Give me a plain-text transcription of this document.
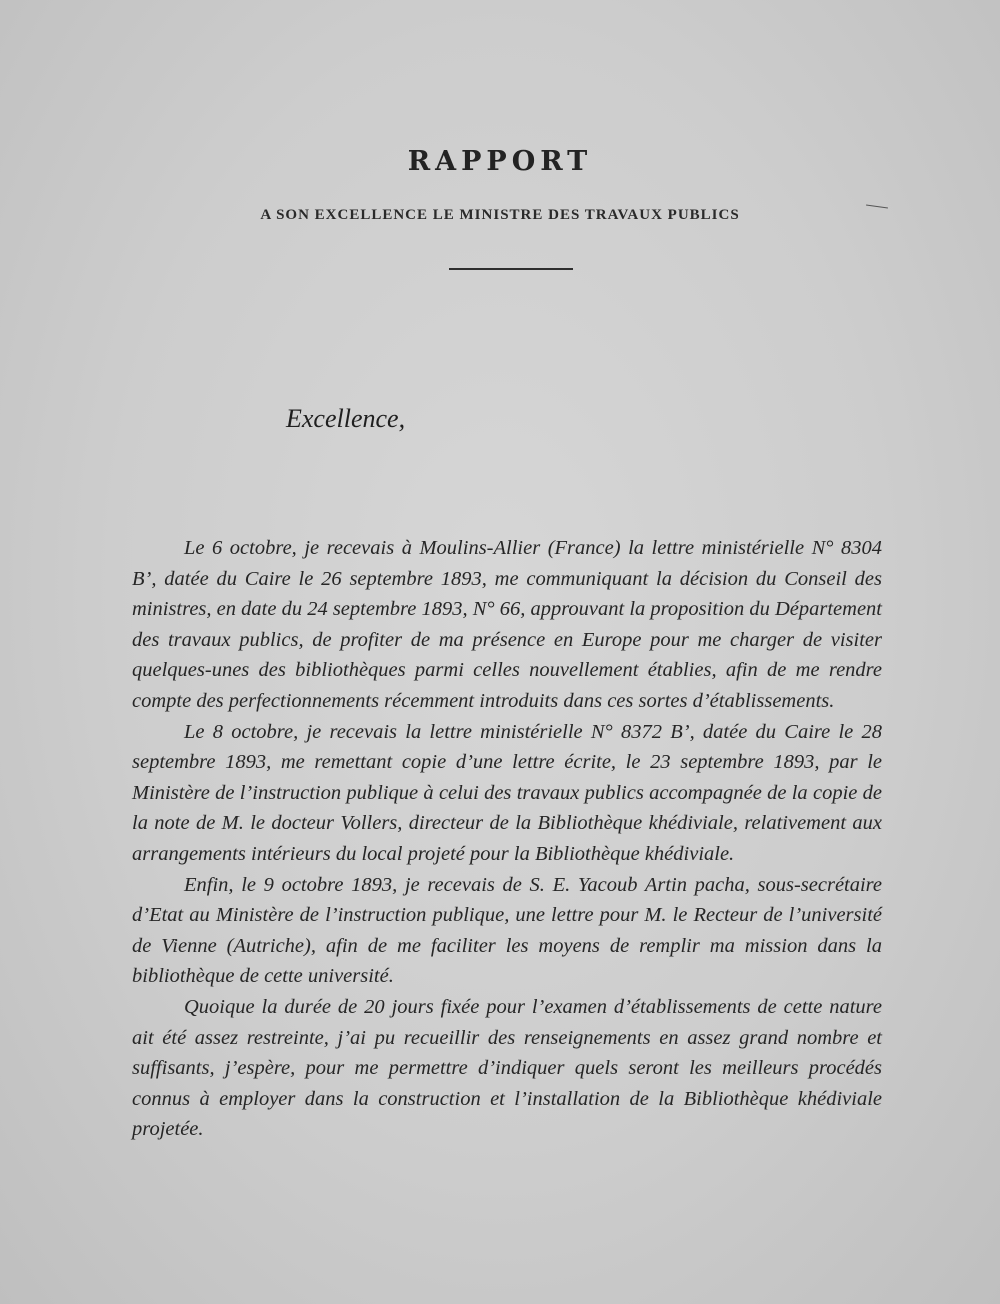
RAPPORT
A SON EXCELLENCE LE MINISTRE DES TRAVAUX PUBLICS

Excellence,

Le 6 octobre, je recevais à Moulins-Allier (France) la lettre ministérielle N° 8304 B’, datée du Caire le 26 septembre 1893, me communiquant la décision du Conseil des ministres, en date du 24 septembre 1893, N° 66, approuvant la proposition du Département des travaux publics, de profiter de ma présence en Europe pour me charger de visiter quelques-unes des bibliothèques parmi celles nouvellement établies, afin de me rendre compte des perfectionnements récemment introduits dans ces sortes d’établissements.

Le 8 octobre, je recevais la lettre ministérielle N° 8372 B’, datée du Caire le 28 septembre 1893, me remettant copie d’une lettre écrite, le 23 septembre 1893, par le Ministère de l’instruction publique à celui des travaux publics accompagnée de la copie de la note de M. le docteur Vollers, directeur de la Bibliothèque khédiviale, relativement aux arrangements intérieurs du local projeté pour la Bibliothèque khédiviale.

Enfin, le 9 octobre 1893, je recevais de S. E. Yacoub Artin pacha, sous-secrétaire d’Etat au Ministère de l’instruction publique, une lettre pour M. le Recteur de l’université de Vienne (Autriche), afin de me faciliter les moyens de remplir ma mission dans la bibliothèque de cette université.

Quoique la durée de 20 jours fixée pour l’examen d’établissements de cette nature ait été assez restreinte, j’ai pu recueillir des renseignements en assez grand nombre et suffisants, j’espère, pour me permettre d’indiquer quels seront les meilleurs procédés connus à employer dans la construction et l’installation de la Bibliothèque khédiviale projetée.
